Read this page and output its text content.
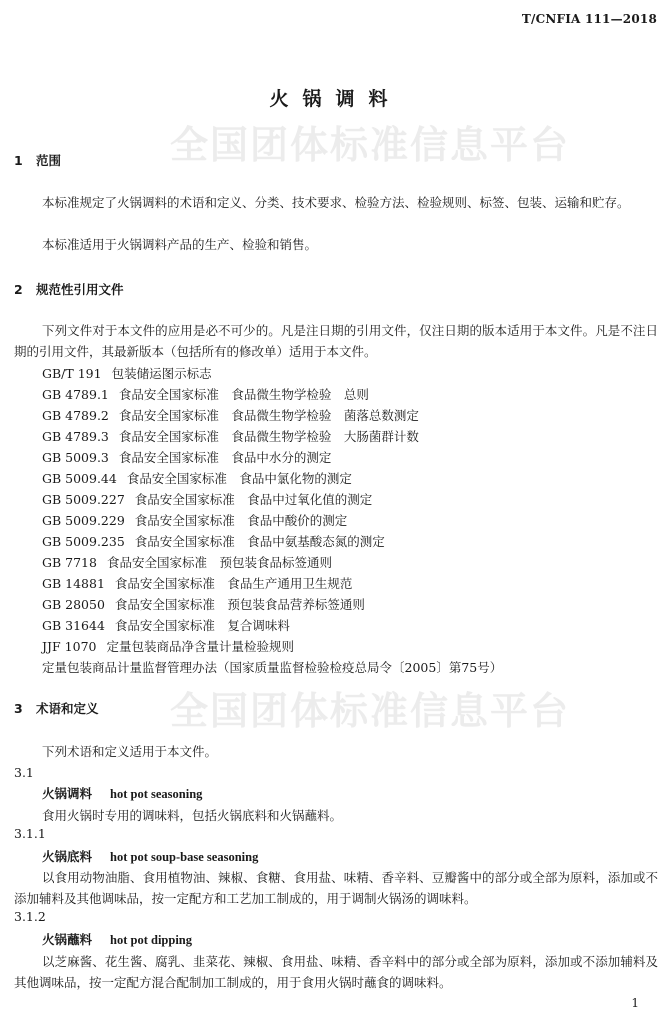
T/CNFIA 111—2018
火锅调料
全国团体标准信息平台
全国团体标准信息平台
1 范围
本标准规定了火锅调料的术语和定义、分类、技术要求、检验方法、检验规则、标签、包装、运输和贮存。
本标准适用于火锅调料产品的生产、检验和销售。
2 规范性引用文件
下列文件对于本文件的应用是必不可少的。凡是注日期的引用文件，仅注日期的版本适用于本文件。凡是不注日期的引用文件，其最新版本（包括所有的修改单）适用于本文件。
GB/T 191 包装储运图示标志
GB 4789.1 食品安全国家标准　食品微生物学检验　总则
GB 4789.2 食品安全国家标准　食品微生物学检验　菌落总数测定
GB 4789.3 食品安全国家标准　食品微生物学检验　大肠菌群计数
GB 5009.3 食品安全国家标准　食品中水分的测定
GB 5009.44 食品安全国家标准　食品中氯化物的测定
GB 5009.227 食品安全国家标准　食品中过氧化值的测定
GB 5009.229 食品安全国家标准　食品中酸价的测定
GB 5009.235 食品安全国家标准　食品中氨基酸态氮的测定
GB 7718 食品安全国家标准　预包装食品标签通则
GB 14881 食品安全国家标准　食品生产通用卫生规范
GB 28050 食品安全国家标准　预包装食品营养标签通则
GB 31644 食品安全国家标准　复合调味料
JJF 1070 定量包装商品净含量计量检验规则
定量包装商品计量监督管理办法（国家质量监督检验检疫总局令〔2005〕第75号）
3 术语和定义
下列术语和定义适用于本文件。
3.1
火锅调料 hot pot seasoning
食用火锅时专用的调味料，包括火锅底料和火锅蘸料。
3.1.1
火锅底料 hot pot soup-base seasoning
以食用动物油脂、食用植物油、辣椒、食糖、食用盐、味精、香辛料、豆瓣酱中的部分或全部为原料，添加或不添加辅料及其他调味品，按一定配方和工艺加工制成的，用于调制火锅汤的调味料。
3.1.2
火锅蘸料 hot pot dipping
以芝麻酱、花生酱、腐乳、韭菜花、辣椒、食用盐、味精、香辛料中的部分或全部为原料，添加或不添加辅料及其他调味品，按一定配方混合配制加工制成的，用于食用火锅时蘸食的调味料。
1
